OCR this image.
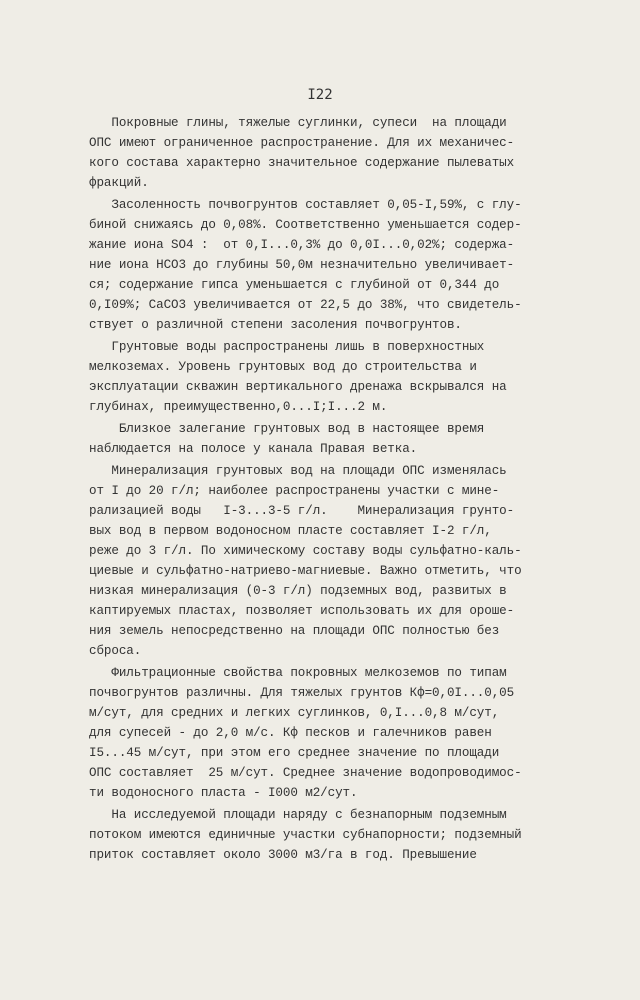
I22
Покровные глины, тяжелые суглинки, супеси  на площади
ОПС имеют ограниченное распространение. Для их механичес-
кого состава характерно значительное содержание пылеватых
фракций.
Засоленность почвогрунтов составляет 0,05-I,59%, с глу-
биной снижаясь до 0,08%. Соответственно уменьшается содер-
жание иона SO4 :  от 0,I...0,3% до 0,0I...0,02%; содержа-
ние иона HCO3 до глубины 50,0м незначительно увеличивает-
ся; содержание гипса уменьшается с глубиной от 0,344 до
0,I09%; CaCO3 увеличивается от 22,5 до 38%, что свидетель-
ствует о различной степени засоления почвогрунтов.
Грунтовые воды распространены лишь в поверхностных
мелкоземах. Уровень грунтовых вод до строительства и
эксплуатации скважин вертикального дренажа вскрывался на
глубинах, преимущественно,0...I;I...2 м.
Близкое залегание грунтовых вод в настоящее время
наблюдается на полосе у канала Правая ветка.
Минерализация грунтовых вод на площади ОПС изменялась
от I до 20 г/л; наиболее распространены участки с мине-
рализацией воды   I-3...3-5 г/л.    Минерализация грунто-
вых вод в первом водоносном пласте составляет I-2 г/л,
реже до 3 г/л. По химическому составу воды сульфатно-каль-
циевые и сульфатно-натриево-магниевые. Важно отметить, что
низкая минерализация (0-3 г/л) подземных вод, развитых в
каптируемых пластах, позволяет использовать их для ороше-
ния земель непосредственно на площади ОПС полностью без
сброса.
Фильтрационные свойства покровных мелкоземов по типам
почвогрунтов различны. Для тяжелых грунтов Кф=0,0I...0,05
м/сут, для средних и легких суглинков, 0,I...0,8 м/сут,
для супесей - до 2,0 м/с. Кф песков и галечников равен
I5...45 м/сут, при этом его среднее значение по площади
ОПС составляет  25 м/сут. Среднее значение водопроводимос-
ти водоносного пласта - I000 м2/сут.
На исследуемой площади наряду с безнапорным подземным
потоком имеются единичные участки субнапорности; подземный
приток составляет около 3000 м3/га в год. Превышение
